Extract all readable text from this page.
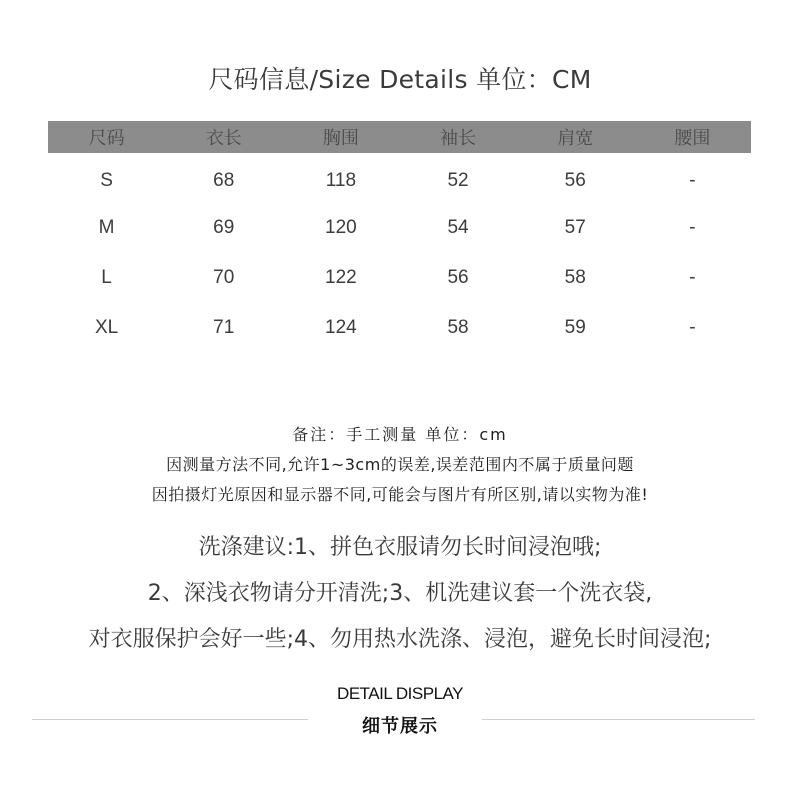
尺码信息/Size Details 单位：CM
尺码	衣长	胸围	袖长	肩宽	腰围
S	68	118	52	56	-
M	69	120	54	57	-
L	70	122	56	58	-
XL	71	124	58	59	-
备注：手工测量 单位：cm
因测量方法不同,允许1~3cm的误差,误差范围内不属于质量问题
因拍摄灯光原因和显示器不同,可能会与图片有所区别,请以实物为准!
洗涤建议:1、拼色衣服请勿长时间浸泡哦;
2、深浅衣物请分开清洗;3、机洗建议套一个洗衣袋,
对衣服保护会好一些;4、勿用热水洗涤、浸泡，避免长时间浸泡;
DETAIL DISPLAY
细节展示
